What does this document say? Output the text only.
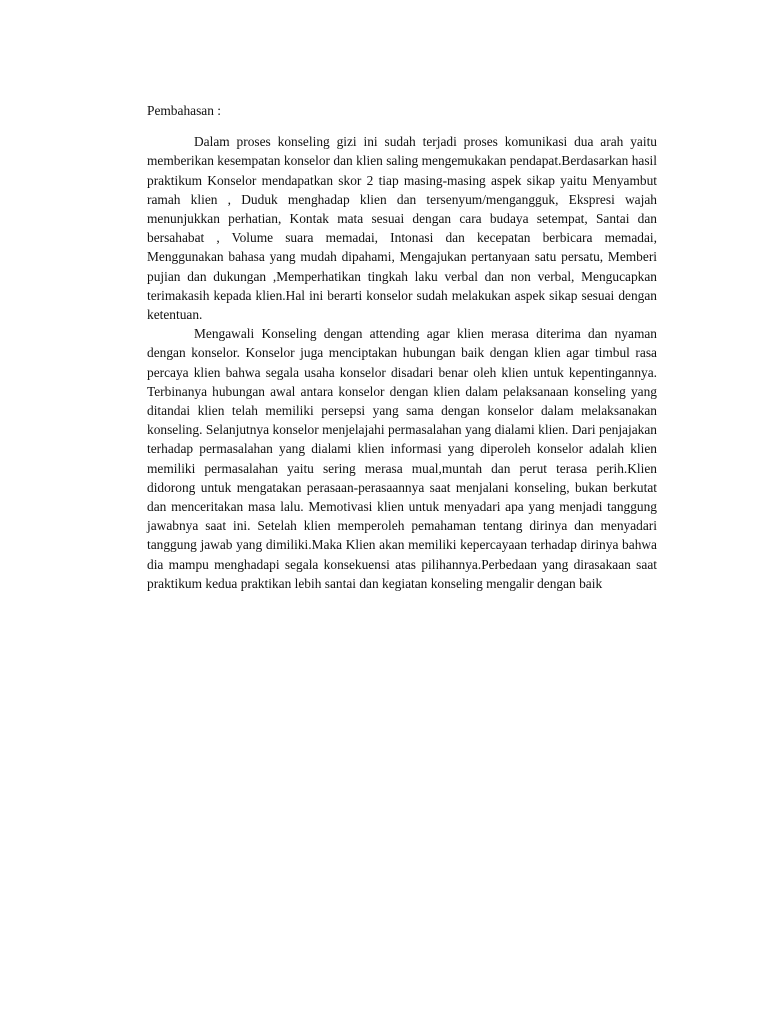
Pembahasan :

Dalam proses konseling gizi ini sudah terjadi proses komunikasi dua arah yaitu memberikan kesempatan konselor dan klien saling mengemukakan pendapat.Berdasarkan hasil praktikum Konselor mendapatkan skor 2 tiap masing-masing aspek sikap yaitu Menyambut ramah klien , Duduk menghadap klien dan tersenyum/mengangguk, Ekspresi wajah menunjukkan perhatian, Kontak mata sesuai dengan cara budaya setempat, Santai dan bersahabat , Volume suara memadai, Intonasi dan kecepatan berbicara memadai, Menggunakan bahasa yang mudah dipahami, Mengajukan pertanyaan satu persatu, Memberi pujian dan dukungan ,Memperhatikan tingkah laku verbal dan non verbal, Mengucapkan terimakasih kepada klien.Hal ini berarti konselor sudah melakukan aspek sikap sesuai dengan ketentuan.

Mengawali Konseling dengan attending agar klien merasa diterima dan nyaman dengan konselor. Konselor juga menciptakan hubungan baik dengan klien agar timbul rasa percaya klien bahwa segala usaha konselor disadari benar oleh klien untuk kepentingannya. Terbinanya hubungan awal antara konselor dengan klien dalam pelaksanaan konseling yang ditandai klien telah memiliki persepsi yang sama dengan konselor dalam melaksanakan konseling. Selanjutnya konselor menjelajahi permasalahan yang dialami klien. Dari penjajakan terhadap permasalahan yang dialami klien informasi yang diperoleh konselor adalah klien memiliki permasalahan yaitu sering merasa mual,muntah dan perut terasa perih.Klien didorong untuk mengatakan perasaan-perasaannya saat menjalani konseling, bukan berkutat dan menceritakan masa lalu. Memotivasi klien untuk menyadari apa yang menjadi tanggung jawabnya saat ini. Setelah klien memperoleh pemahaman tentang dirinya dan menyadari tanggung jawab yang dimiliki.Maka Klien akan memiliki kepercayaan terhadap dirinya bahwa dia mampu menghadapi segala konsekuensi atas pilihannya.Perbedaan yang dirasakaan saat praktikum kedua praktikan lebih santai dan kegiatan konseling mengalir dengan baik
